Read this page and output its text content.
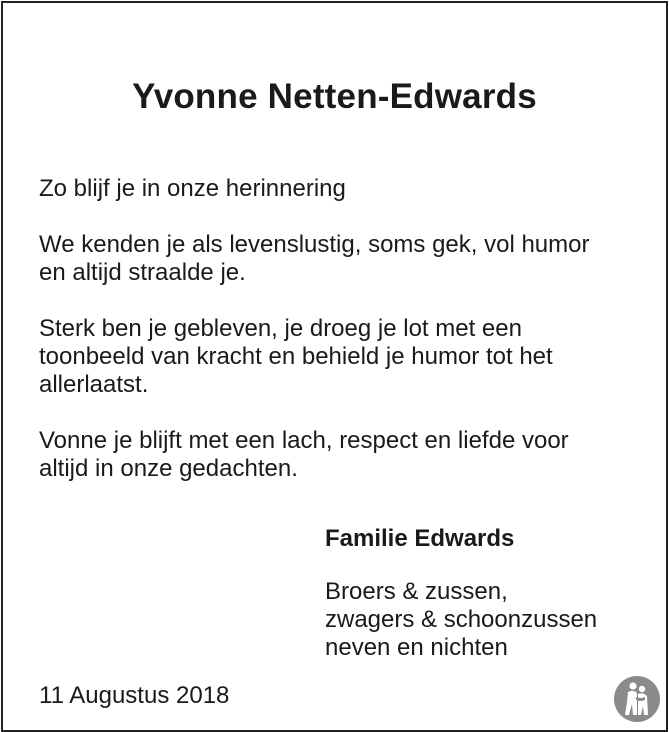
Yvonne Netten-Edwards

Zo blijf je in onze herinnering

We kenden je als levenslustig, soms gek, vol humor
en altijd straalde je.

Sterk ben je gebleven, je droeg je lot met een
toonbeeld van kracht en behield je humor tot het
allerlaatst.

Vonne je blijft met een lach, respect en liefde voor
altijd in onze gedachten.

Familie Edwards

Broers & zussen,
zwagers & schoonzussen
neven en nichten

11 Augustus 2018
